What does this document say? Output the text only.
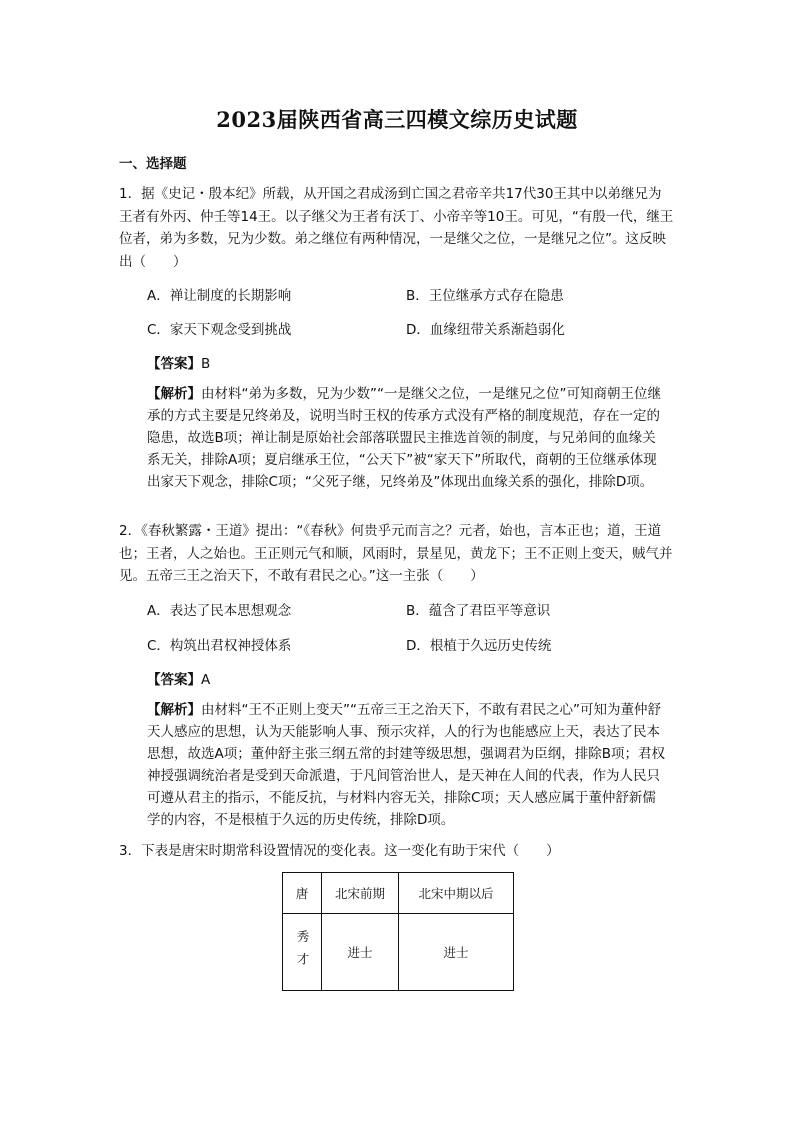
2023届陕西省高三四模文综历史试题
一、选择题
1．据《史记・殷本纪》所载，从开国之君成汤到亡国之君帝辛共17代30王其中以弟继兄为王者有外丙、仲壬等14王。以子继父为王者有沃丁、小帝辛等10王。可见，“有殷一代，继王位者，弟为多数，兄为少数。弟之继位有两种情况，一是继父之位，一是继兄之位”。这反映出（　　）
A．禅让制度的长期影响	B．王位继承方式存在隐患
C．家天下观念受到挑战	D．血缘纽带关系渐趋弱化
【答案】B
【解析】由材料“弟为多数，兄为少数”“一是继父之位，一是继兄之位”可知商朝王位继承的方式主要是兄终弟及，说明当时王权的传承方式没有严格的制度规范，存在一定的隐患，故选B项；禅让制是原始社会部落联盟民主推选首领的制度，与兄弟间的血缘关系无关，排除A项；夏启继承王位，“公天下”被“家天下”所取代，商朝的王位继承体现出家天下观念，排除C项；“父死子继，兄终弟及”体现出血缘关系的强化，排除D项。
2．《春秋繁露・王道》提出：“《春秋》何贵乎元而言之？元者，始也，言本正也；道，王道也；王者，人之始也。王正则元气和顺，风雨时，景星见，黄龙下；王不正则上变天，贼气并见。五帝三王之治天下，不敢有君民之心。”这一主张（　　）
A．表达了民本思想观念	B．蕴含了君臣平等意识
C．构筑出君权神授体系	D．根植于久远历史传统
【答案】A
【解析】由材料“王不正则上变天”“五帝三王之治天下，不敢有君民之心”可知为董仲舒天人感应的思想，认为天能影响人事、预示灾祥，人的行为也能感应上天，表达了民本思想，故选A项；董仲舒主张三纲五常的封建等级思想，强调君为臣纲，排除B项；君权神授强调统治者是受到天命派遣，于凡间管治世人，是天神在人间的代表，作为人民只可遵从君主的指示，不能反抗，与材料内容无关，排除C项；天人感应属于董仲舒新儒学的内容，不是根植于久远的历史传统，排除D项。
3．下表是唐宋时期常科设置情况的变化表。这一变化有助于宋代（　　）
唐	北宋前期	北宋中期以后
秀才	进士	进士
